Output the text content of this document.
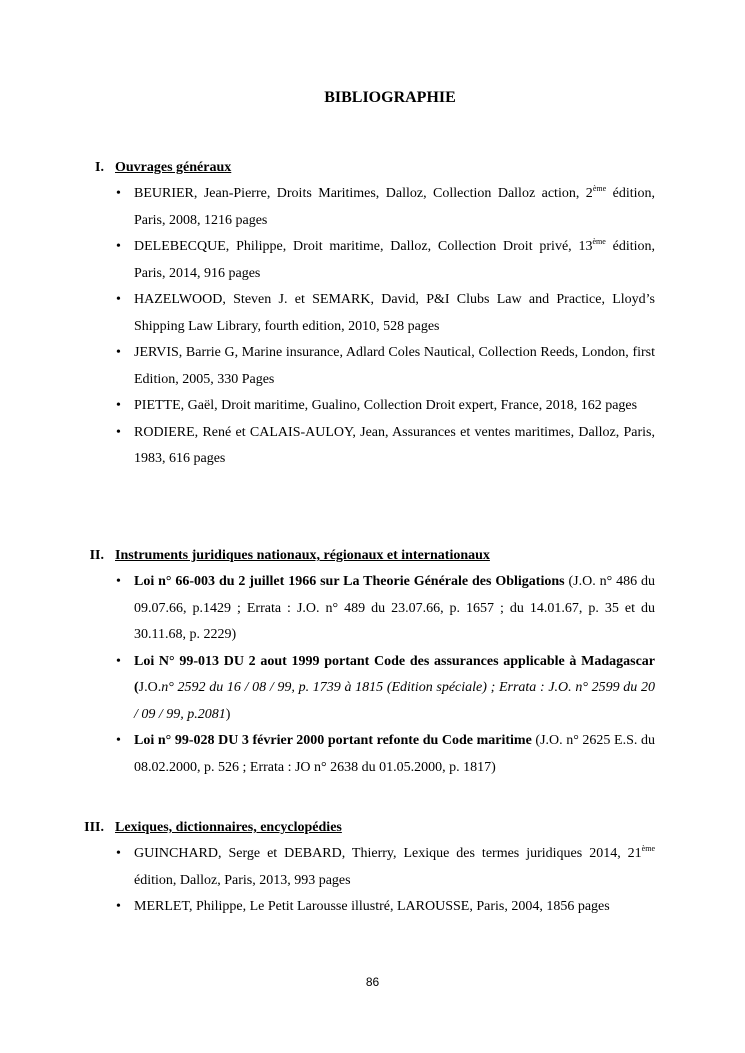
BIBLIOGRAPHIE
I. Ouvrages généraux
• BEURIER, Jean-Pierre, Droits Maritimes, Dalloz, Collection Dalloz action, 2ème édition, Paris, 2008, 1216 pages
• DELEBECQUE, Philippe, Droit maritime, Dalloz, Collection Droit privé, 13ème édition, Paris, 2014, 916 pages
• HAZELWOOD, Steven J. et SEMARK, David, P&I Clubs Law and Practice, Lloyd’s Shipping Law Library, fourth edition, 2010, 528 pages
• JERVIS, Barrie G, Marine insurance, Adlard Coles Nautical, Collection Reeds, London, first Edition, 2005, 330 Pages
• PIETTE, Gaël, Droit maritime, Gualino, Collection Droit expert, France, 2018, 162 pages
• RODIERE, René et CALAIS-AULOY, Jean, Assurances et ventes maritimes, Dalloz, Paris, 1983, 616 pages
II. Instruments juridiques nationaux, régionaux et internationaux
• Loi n° 66-003 du 2 juillet 1966 sur La Theorie Générale des Obligations (J.O. n° 486 du 09.07.66, p.1429 ; Errata : J.O. n° 489 du 23.07.66, p. 1657 ; du 14.01.67, p. 35 et du 30.11.68, p. 2229)
• Loi N° 99-013 DU 2 aout 1999 portant Code des assurances applicable à Madagascar (J.O.n° 2592 du 16 / 08 / 99, p. 1739 à 1815 (Edition spéciale) ; Errata : J.O. n° 2599 du 20 / 09 / 99, p.2081)
• Loi n° 99-028 DU 3 février 2000 portant refonte du Code maritime (J.O. n° 2625 E.S. du 08.02.2000, p. 526 ; Errata : JO n° 2638 du 01.05.2000, p. 1817)
III. Lexiques, dictionnaires, encyclopédies
• GUINCHARD, Serge et DEBARD, Thierry, Lexique des termes juridiques 2014, 21ème édition, Dalloz, Paris, 2013, 993 pages
• MERLET, Philippe, Le Petit Larousse illustré, LAROUSSE, Paris, 2004, 1856 pages
86
